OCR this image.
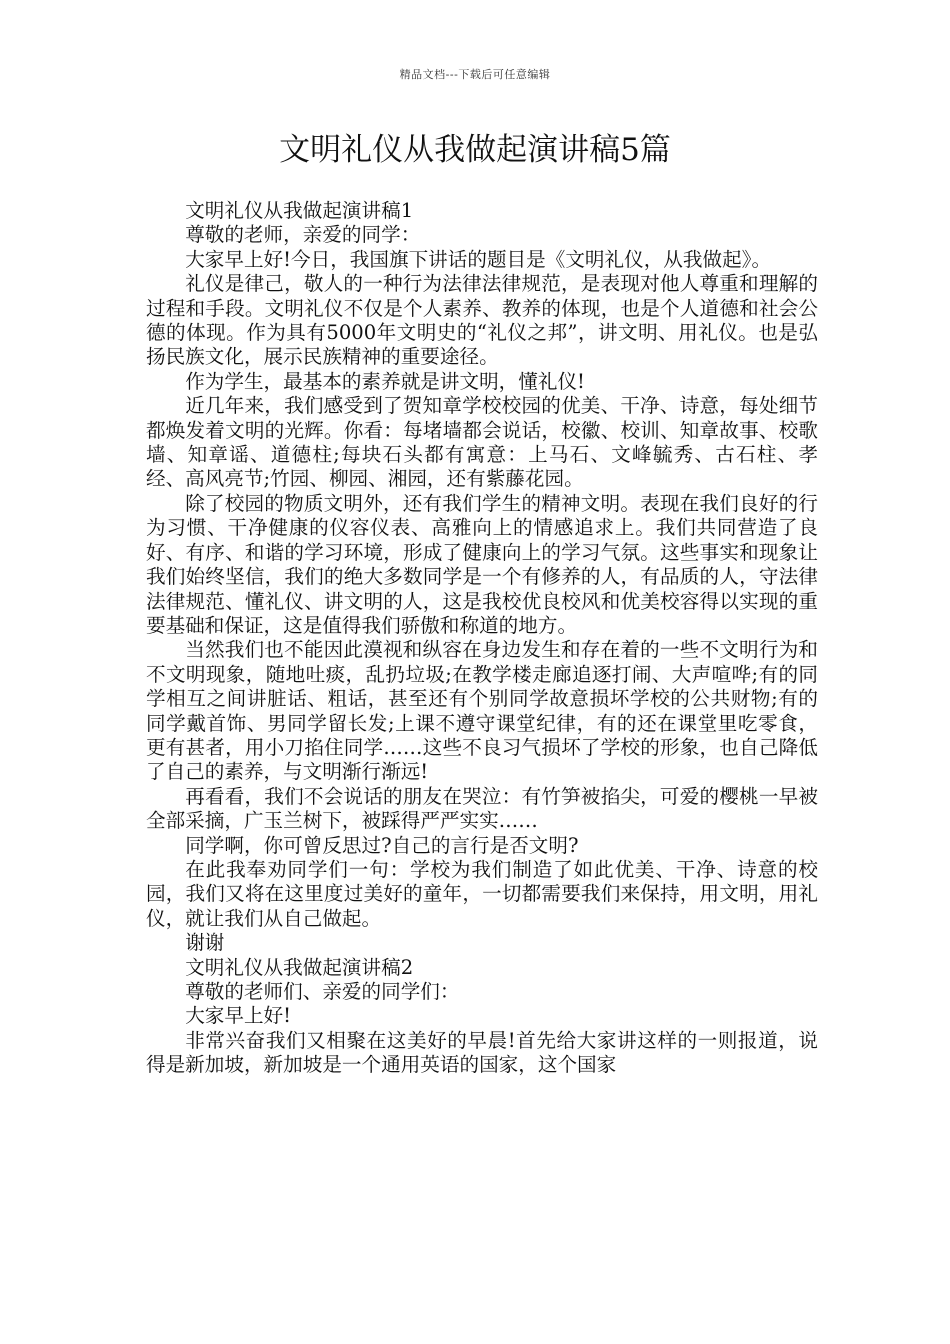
精品文档---下载后可任意编辑
文明礼仪从我做起演讲稿5篇

文明礼仪从我做起演讲稿1

尊敬的老师，亲爱的同学：

大家早上好!今日，我国旗下讲话的题目是《文明礼仪，从我做起》。

礼仪是律己，敬人的一种行为法律法律规范，是表现对他人尊重和理解的过程和手段。文明礼仪不仅是个人素养、教养的体现，也是个人道德和社会公德的体现。作为具有5000年文明史的“礼仪之邦”，讲文明、用礼仪。也是弘扬民族文化，展示民族精神的重要途径。

作为学生，最基本的素养就是讲文明，懂礼仪!

近几年来，我们感受到了贺知章学校校园的优美、干净、诗意，每处细节都焕发着文明的光辉。你看：每堵墙都会说话，校徽、校训、知章故事、校歌墙、知章谣、道德柱;每块石头都有寓意：上马石、文峰毓秀、古石柱、孝经、高风亮节;竹园、柳园、湘园，还有紫藤花园。

除了校园的物质文明外，还有我们学生的精神文明。表现在我们良好的行为习惯、干净健康的仪容仪表、高雅向上的情感追求上。我们共同营造了良好、有序、和谐的学习环境，形成了健康向上的学习气氛。这些事实和现象让我们始终坚信，我们的绝大多数同学是一个有修养的人，有品质的人，守法律法律规范、懂礼仪、讲文明的人，这是我校优良校风和优美校容得以实现的重要基础和保证，这是值得我们骄傲和称道的地方。

当然我们也不能因此漠视和纵容在身边发生和存在着的一些不文明行为和不文明现象，随地吐痰，乱扔垃圾;在教学楼走廊追逐打闹、大声喧哗;有的同学相互之间讲脏话、粗话，甚至还有个别同学故意损坏学校的公共财物;有的同学戴首饰、男同学留长发;上课不遵守课堂纪律，有的还在课堂里吃零食，更有甚者，用小刀掐住同学……这些不良习气损坏了学校的形象，也自己降低了自己的素养，与文明渐行渐远!

再看看，我们不会说话的朋友在哭泣：有竹笋被掐尖，可爱的樱桃一早被全部采摘，广玉兰树下，被踩得严严实实……

同学啊，你可曾反思过?自己的言行是否文明?

在此我奉劝同学们一句：学校为我们制造了如此优美、干净、诗意的校园，我们又将在这里度过美好的童年，一切都需要我们来保持，用文明，用礼仪，就让我们从自己做起。

谢谢

文明礼仪从我做起演讲稿2

尊敬的老师们、亲爱的同学们：

大家早上好!

非常兴奋我们又相聚在这美好的早晨!首先给大家讲这样的一则报道，说得是新加坡，新加坡是一个通用英语的国家，这个国家
